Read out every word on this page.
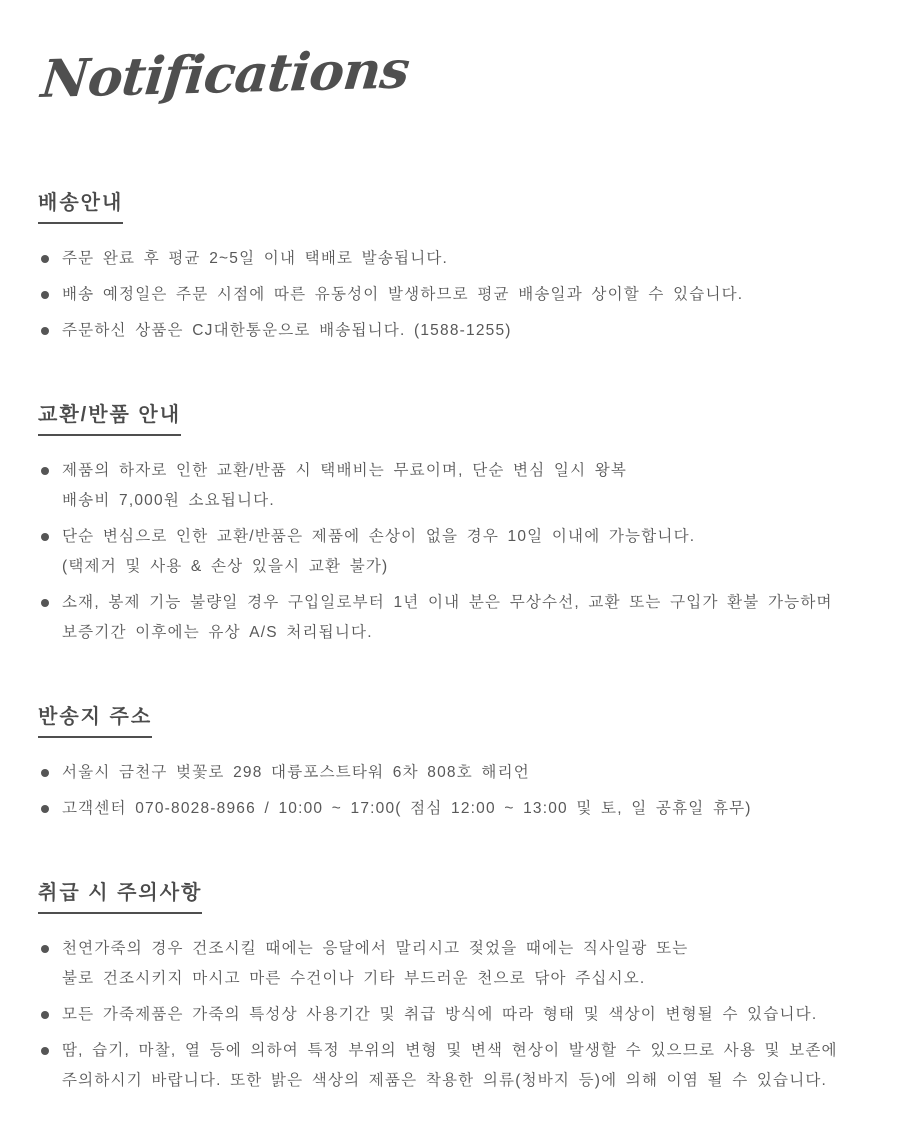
Notifications
배송안내
주문 완료 후 평균 2~5일 이내 택배로 발송됩니다.
배송 예정일은 주문 시점에 따른 유동성이 발생하므로 평균 배송일과 상이할 수 있습니다.
주문하신 상품은 CJ대한통운으로 배송됩니다. (1588-1255)
교환/반품 안내
제품의 하자로 인한 교환/반품 시 택배비는 무료이며, 단순 변심 일시 왕복
배송비 7,000원 소요됩니다.
단순 변심으로 인한 교환/반품은 제품에 손상이 없을 경우 10일 이내에 가능합니다.
(택제거 및 사용 & 손상 있을시 교환 불가)
소재, 봉제 기능 불량일 경우 구입일로부터 1년 이내 분은 무상수선, 교환 또는 구입가 환불 가능하며
보증기간 이후에는 유상 A/S 처리됩니다.
반송지 주소
서울시 금천구 벚꽃로 298 대륭포스트타워 6차 808호 해리언
고객센터 070-8028-8966 / 10:00 ~ 17:00( 점심 12:00 ~ 13:00 및 토, 일 공휴일 휴무)
취급 시 주의사항
천연가죽의 경우 건조시킬 때에는 응달에서 말리시고 젖었을 때에는 직사일광 또는
불로 건조시키지 마시고 마른 수건이나 기타 부드러운 천으로 닦아 주십시오.
모든 가죽제품은 가죽의 특성상 사용기간 및 취급 방식에 따라 형태 및 색상이 변형될 수 있습니다.
땀, 습기, 마찰, 열 등에 의하여 특정 부위의 변형 및 변색 현상이 발생할 수 있으므로 사용 및 보존에
주의하시기 바랍니다. 또한 밝은 색상의 제품은 착용한 의류(청바지 등)에 의해 이염 될 수 있습니다.
